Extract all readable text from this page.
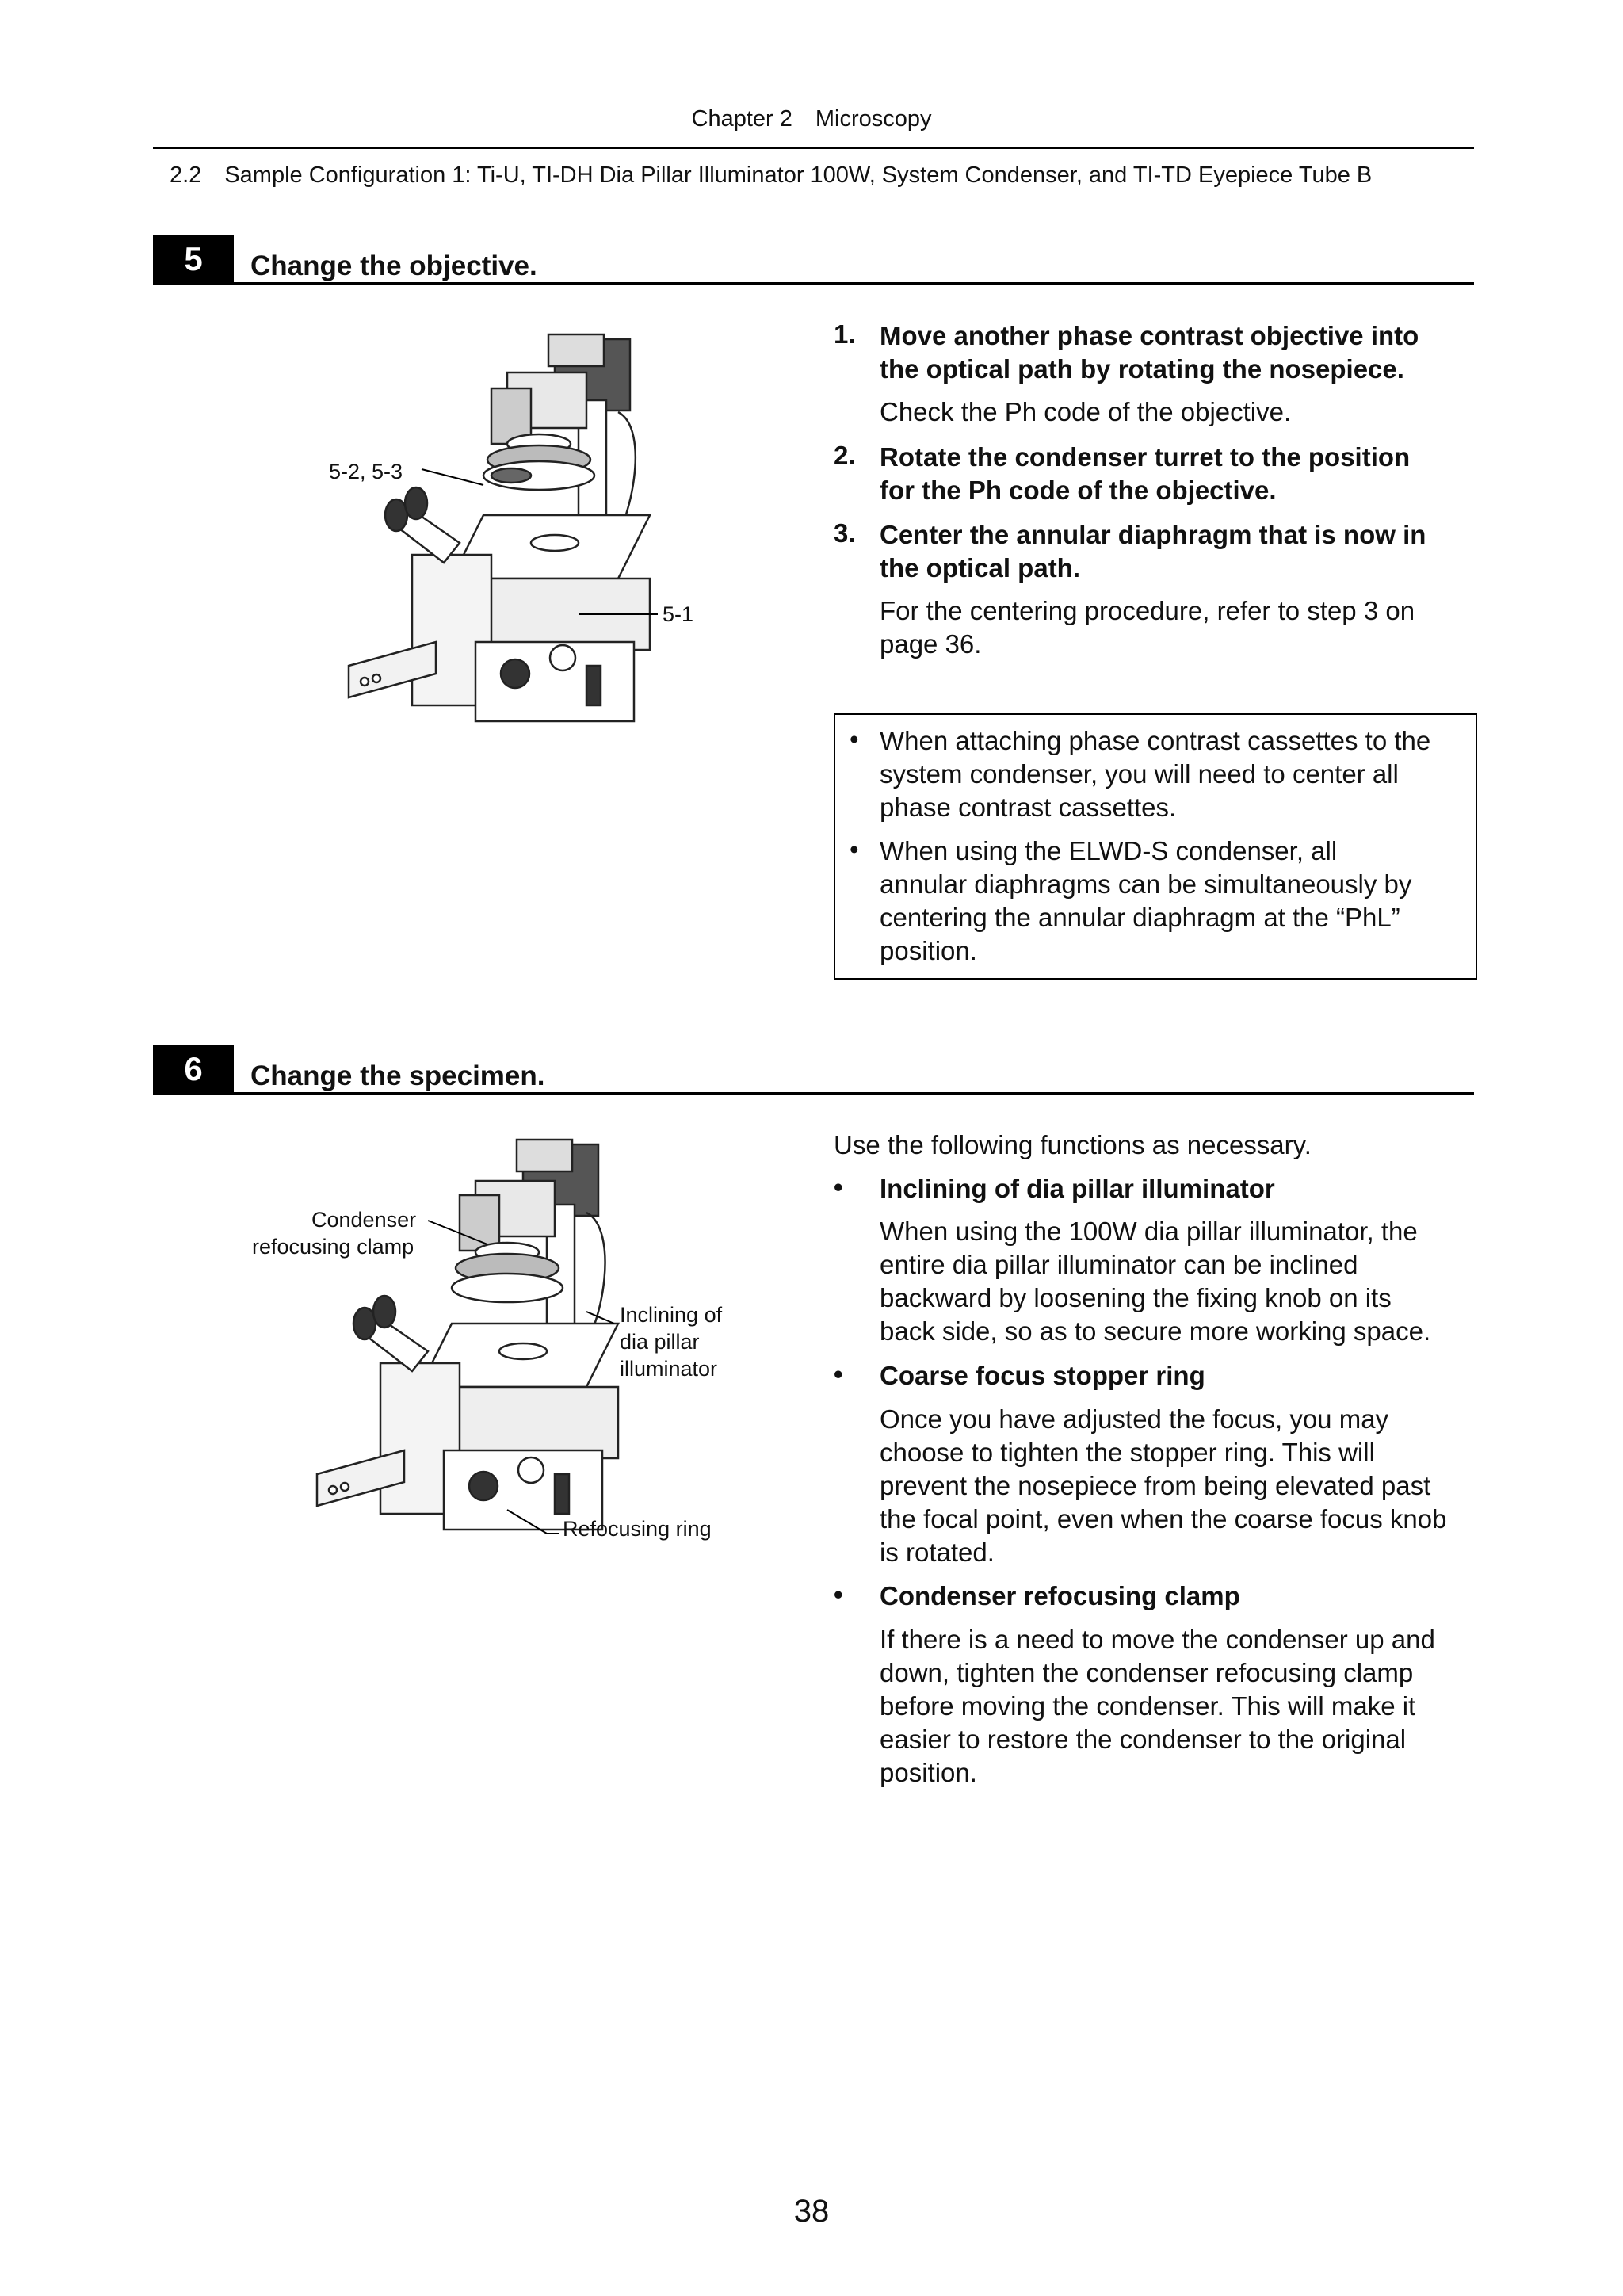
Chapter 2 Microscopy
2.2 Sample Configuration 1: Ti-U, TI-DH Dia Pillar Illuminator 100W, System Condenser, and TI-TD Eyepiece Tube B
5	Change the objective.
5-2, 5-3
5-1
1. Move another phase contrast objective into
the optical path by rotating the nosepiece.
Check the Ph code of the objective.
2. Rotate the condenser turret to the position
for the Ph code of the objective.
3. Center the annular diaphragm that is now in
the optical path.
For the centering procedure, refer to step 3 on
page 36.
• When attaching phase contrast cassettes to the
system condenser, you will need to center all
phase contrast cassettes.
• When using the ELWD-S condenser, all
annular diaphragms can be simultaneously by
centering the annular diaphragm at the “PhL”
position.
6	Change the specimen.
Condenser
refocusing clamp
Inclining of
dia pillar
illuminator
Refocusing ring
Use the following functions as necessary.
• Inclining of dia pillar illuminator
When using the 100W dia pillar illuminator, the
entire dia pillar illuminator can be inclined
backward by loosening the fixing knob on its
back side, so as to secure more working space.
• Coarse focus stopper ring
Once you have adjusted the focus, you may
choose to tighten the stopper ring. This will
prevent the nosepiece from being elevated past
the focal point, even when the coarse focus knob
is rotated.
• Condenser refocusing clamp
If there is a need to move the condenser up and
down, tighten the condenser refocusing clamp
before moving the condenser. This will make it
easier to restore the condenser to the original
position.
38
